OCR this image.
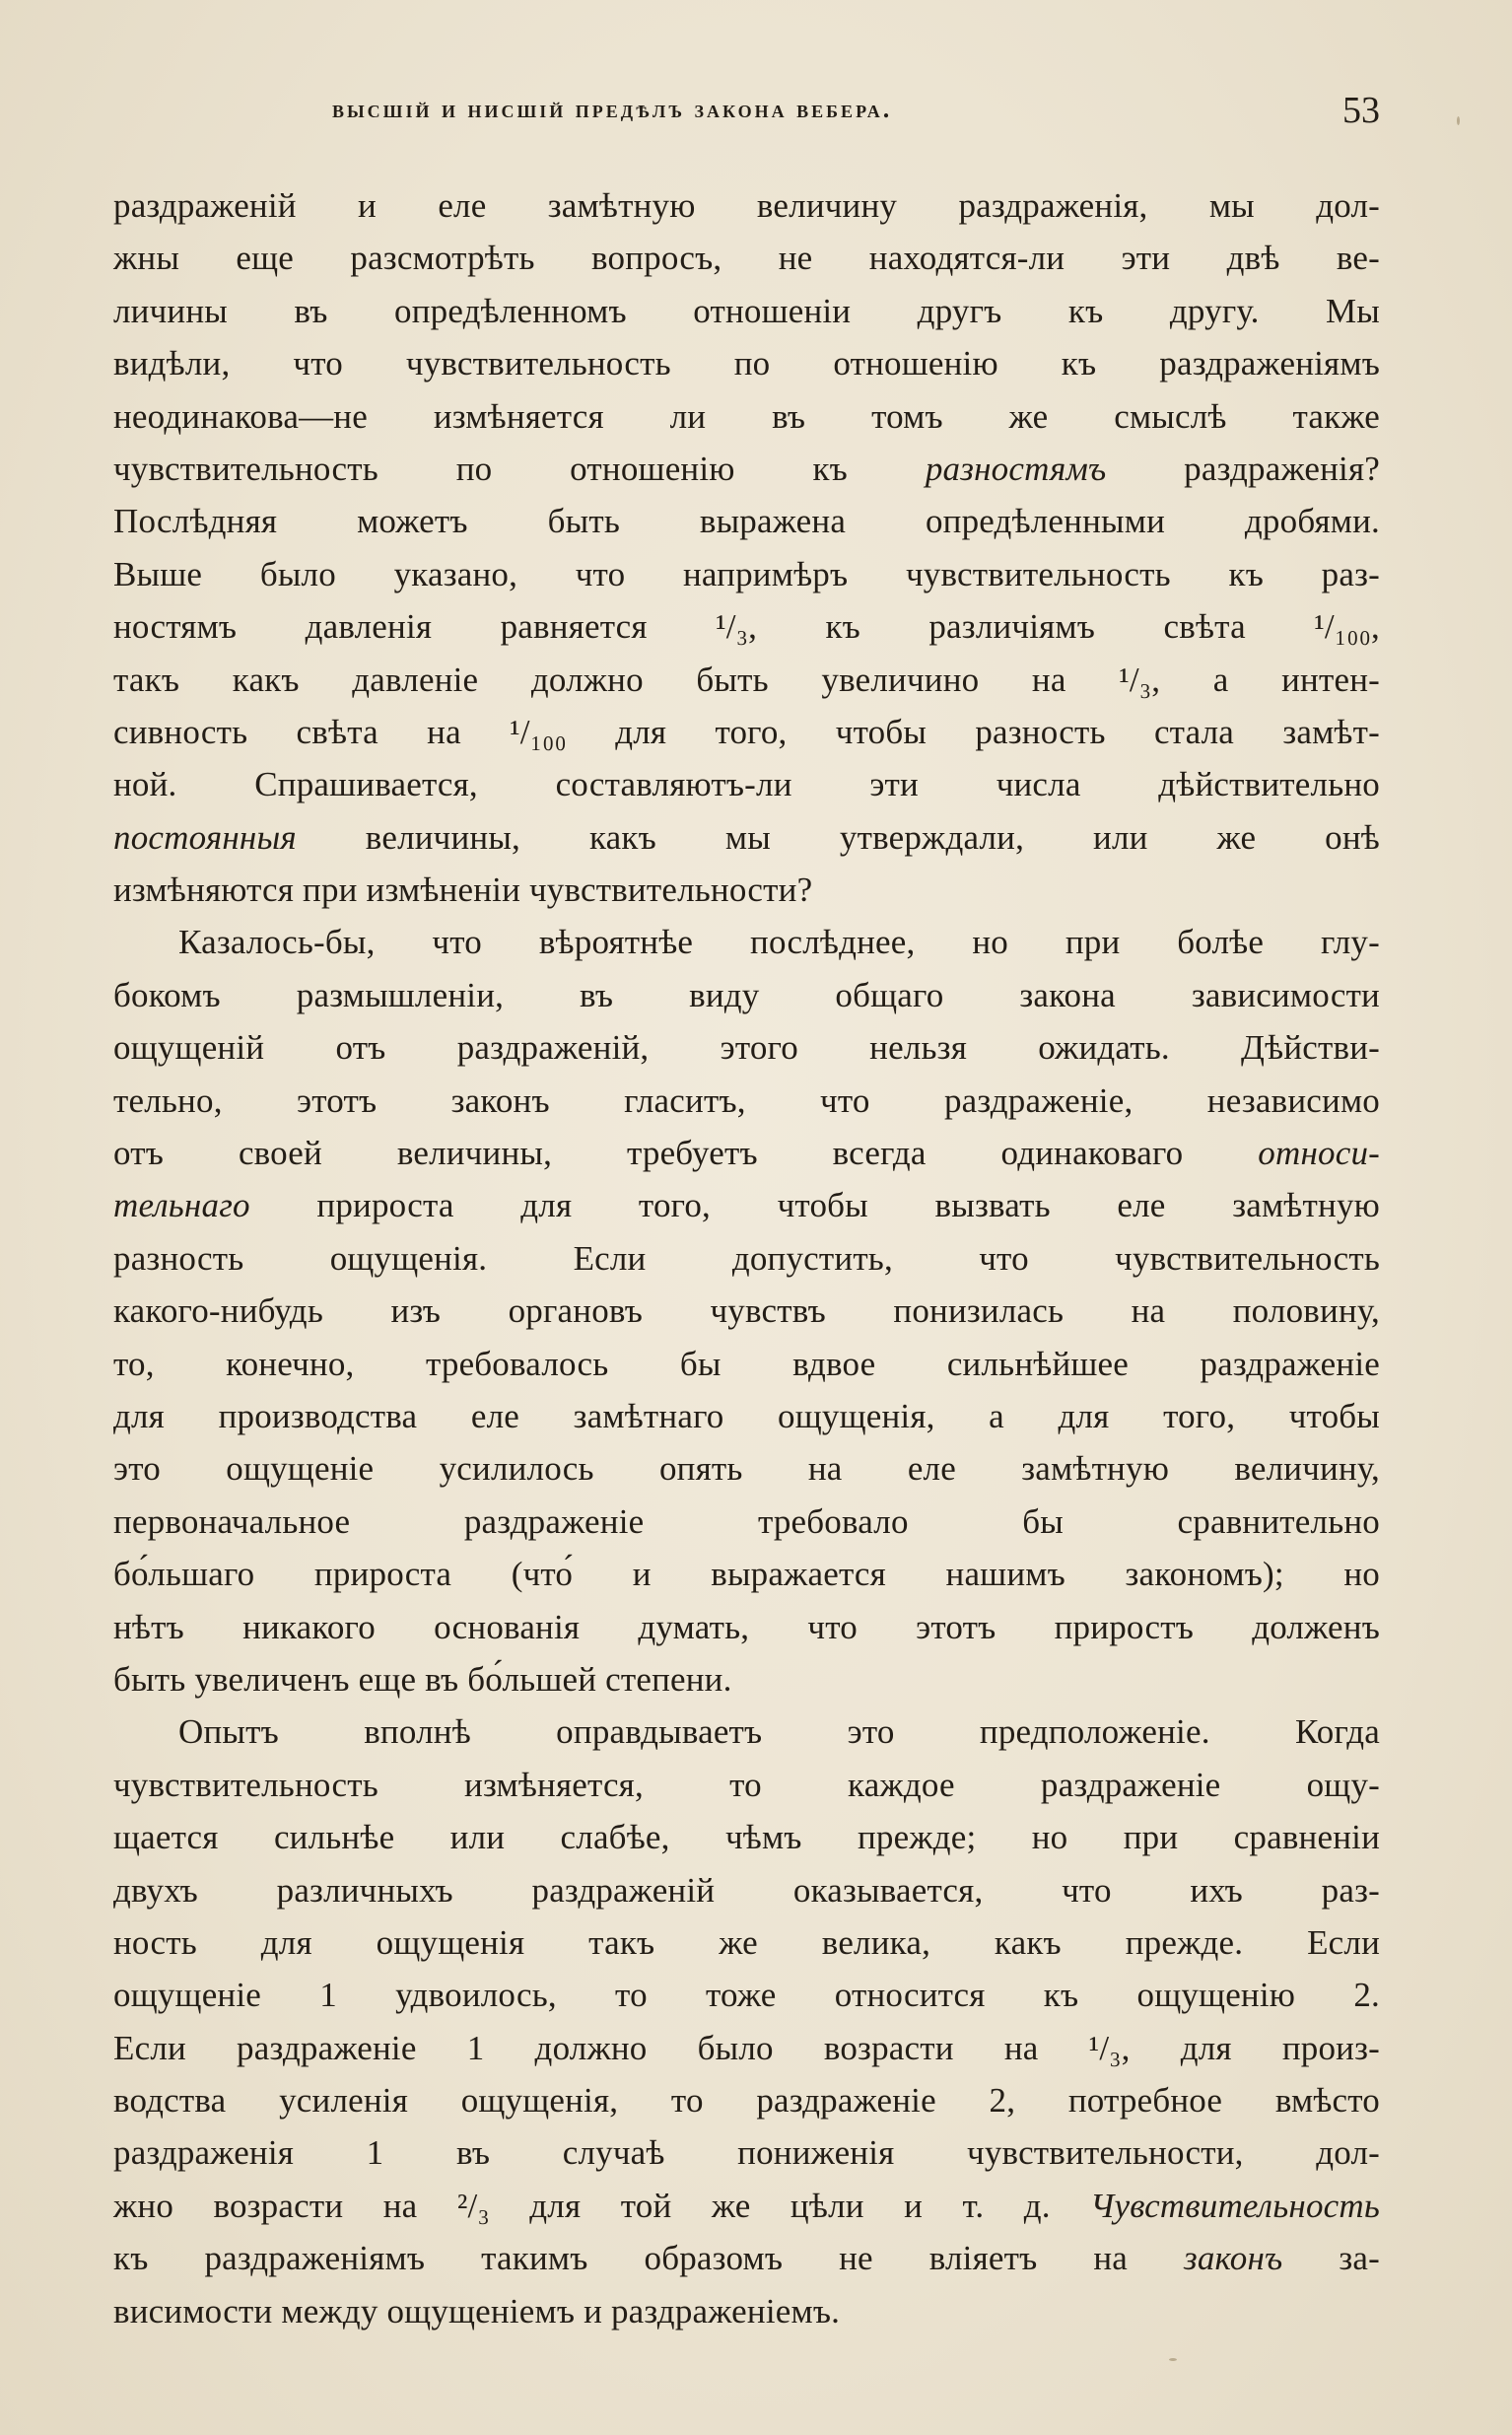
высшій и нисшій предѣлъ закона вебера.	53
раздраженій и еле замѣтную величину раздраженія, мы дол-
жны еще разсмотрѣть вопросъ, не находятся-ли эти двѣ ве-
личины въ опредѣленномъ отношеніи другъ къ другу. Мы
видѣли, что чувствительность по отношенію къ раздраженіямъ
неодинакова—не измѣняется ли въ томъ же смыслѣ также
чувствительность по отношенію къ разностямъ раздраженія?
Послѣдняя можетъ быть выражена опредѣленными дробями.
Выше было указано, что напримѣръ чувствительность къ раз-
ностямъ давленія равняется ¹/₃, къ различіямъ свѣта ¹/₁₀₀,
такъ какъ давленіе должно быть увеличино на ¹/₃, а интен-
сивность свѣта на ¹/₁₀₀ для того, чтобы разность стала замѣт-
ной. Спрашивается, составляютъ-ли эти числа дѣйствительно
постоянныя величины, какъ мы утверждали, или же онѣ
измѣняются при измѣненіи чувствительности?
Казалось-бы, что вѣроятнѣе послѣднее, но при болѣе глу-
бокомъ размышленіи, въ виду общаго закона зависимости
ощущеній отъ раздраженій, этого нельзя ожидать. Дѣйстви-
тельно, этотъ законъ гласитъ, что раздраженіе, независимо
отъ своей величины, требуетъ всегда одинаковаго относи-
тельнаго прироста для того, чтобы вызвать еле замѣтную
разность ощущенія. Если допустить, что чувствительность
какого-нибудь изъ органовъ чувствъ понизилась на половину,
то, конечно, требовалось бы вдвое сильнѣйшее раздраженіе
для производства еле замѣтнаго ощущенія, а для того, чтобы
это ощущеніе усилилось опять на еле замѣтную величину,
первоначальное раздраженіе требовало бы сравнительно
бо́льшаго прироста (что́ и выражается нашимъ закономъ); но
нѣтъ никакого основанія думать, что этотъ приростъ долженъ
быть увеличенъ еще въ бо́льшей степени.
Опытъ вполнѣ оправдываетъ это предположеніе. Когда
чувствительность измѣняется, то каждое раздраженіе ощу-
щается сильнѣе или слабѣе, чѣмъ прежде; но при сравненіи
двухъ различныхъ раздраженій оказывается, что ихъ раз-
ность для ощущенія такъ же велика, какъ прежде. Если
ощущеніе 1 удвоилось, то тоже относится къ ощущенію 2.
Если раздраженіе 1 должно было возрасти на ¹/₃, для произ-
водства усиленія ощущенія, то раздраженіе 2, потребное вмѣсто
раздраженія 1 въ случаѣ пониженія чувствительности, дол-
жно возрасти на ²/₃ для той же цѣли и т. д. Чувствительность
къ раздраженіямъ такимъ образомъ не вліяетъ на законъ за-
висимости между ощущеніемъ и раздраженіемъ.
